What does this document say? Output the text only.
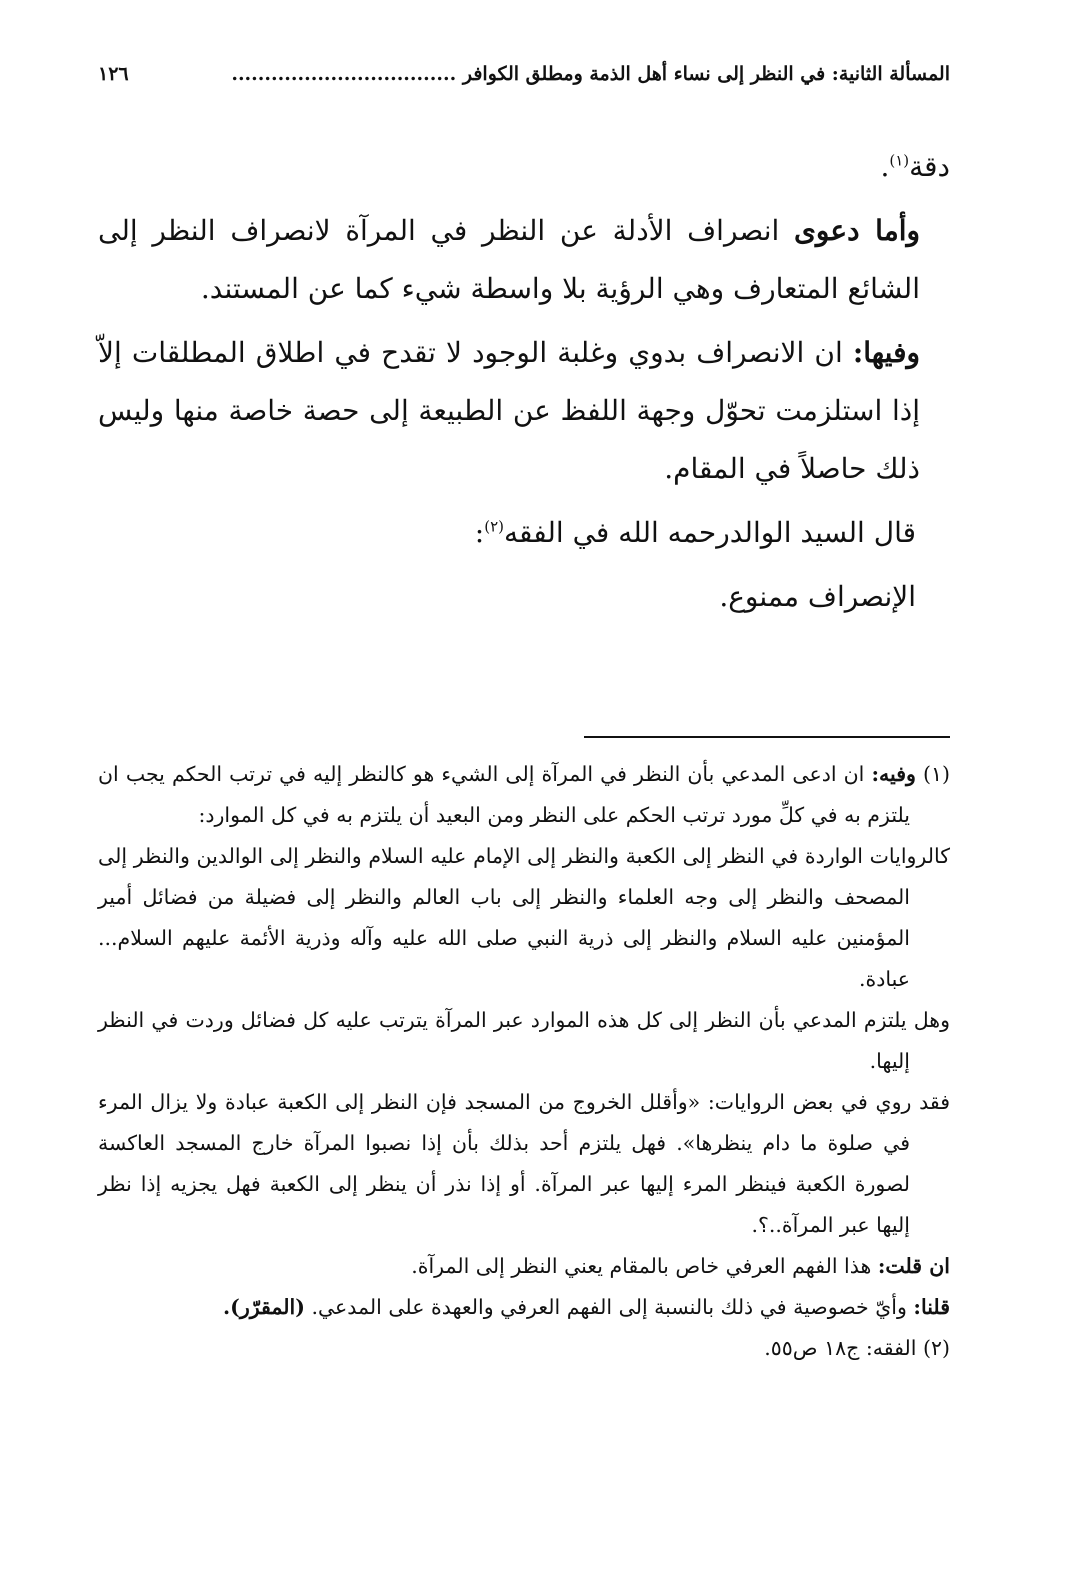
المسألة الثانية: في النظر إلى نساء أهل الذمة ومطلق الكوافر ..................................
١٢٦

دقة$^{(١)}$.

وأما دعوى انصراف الأدلة عن النظر في المرآة لانصراف النظر إلى الشائع المتعارف وهي الرؤية بلا واسطة شيء كما عن المستند.

وفيها: ان الانصراف بدوي وغلبة الوجود لا تقدح في اطلاق المطلقات إلاّ إذا استلزمت تحوّل وجهة اللفظ عن الطبيعة إلى حصة خاصة منها وليس ذلك حاصلاً في المقام.

قال السيد الوالدرحمه الله في الفقه$^{(٢)}$:

الإنصراف ممنوع.

(١) وفيه: ان ادعى المدعي بأن النظر في المرآة إلى الشيء هو كالنظر إليه في ترتب الحكم يجب ان يلتزم به في كلِّ مورد ترتب الحكم على النظر ومن البعيد أن يلتزم به في كل الموارد:

كالروايات الواردة في النظر إلى الكعبة والنظر إلى الإمام عليه السلام والنظر إلى الوالدين والنظر إلى المصحف والنظر إلى وجه العلماء والنظر إلى باب العالم والنظر إلى فضيلة من فضائل أمير المؤمنين عليه السلام والنظر إلى ذرية النبي صلى الله عليه وآله وذرية الأئمة عليهم السلام... عبادة.

وهل يلتزم المدعي بأن النظر إلى كل هذه الموارد عبر المرآة يترتب عليه كل فضائل وردت في النظر إليها.

فقد روي في بعض الروايات: «وأقلل الخروج من المسجد فإن النظر إلى الكعبة عبادة ولا يزال المرء في صلوة ما دام ينظرها». فهل يلتزم أحد بذلك بأن إذا نصبوا المرآة خارج المسجد العاكسة لصورة الكعبة فينظر المرء إليها عبر المرآة. أو إذا نذر أن ينظر إلى الكعبة فهل يجزيه إذا نظر إليها عبر المرآة..؟.

ان قلت: هذا الفهم العرفي خاص بالمقام يعني النظر إلى المرآة.

قلنا: وأيّ خصوصية في ذلك بالنسبة إلى الفهم العرفي والعهدة على المدعي. (المقرّر).

(٢) الفقه: ج١٨ ص٥٥.
